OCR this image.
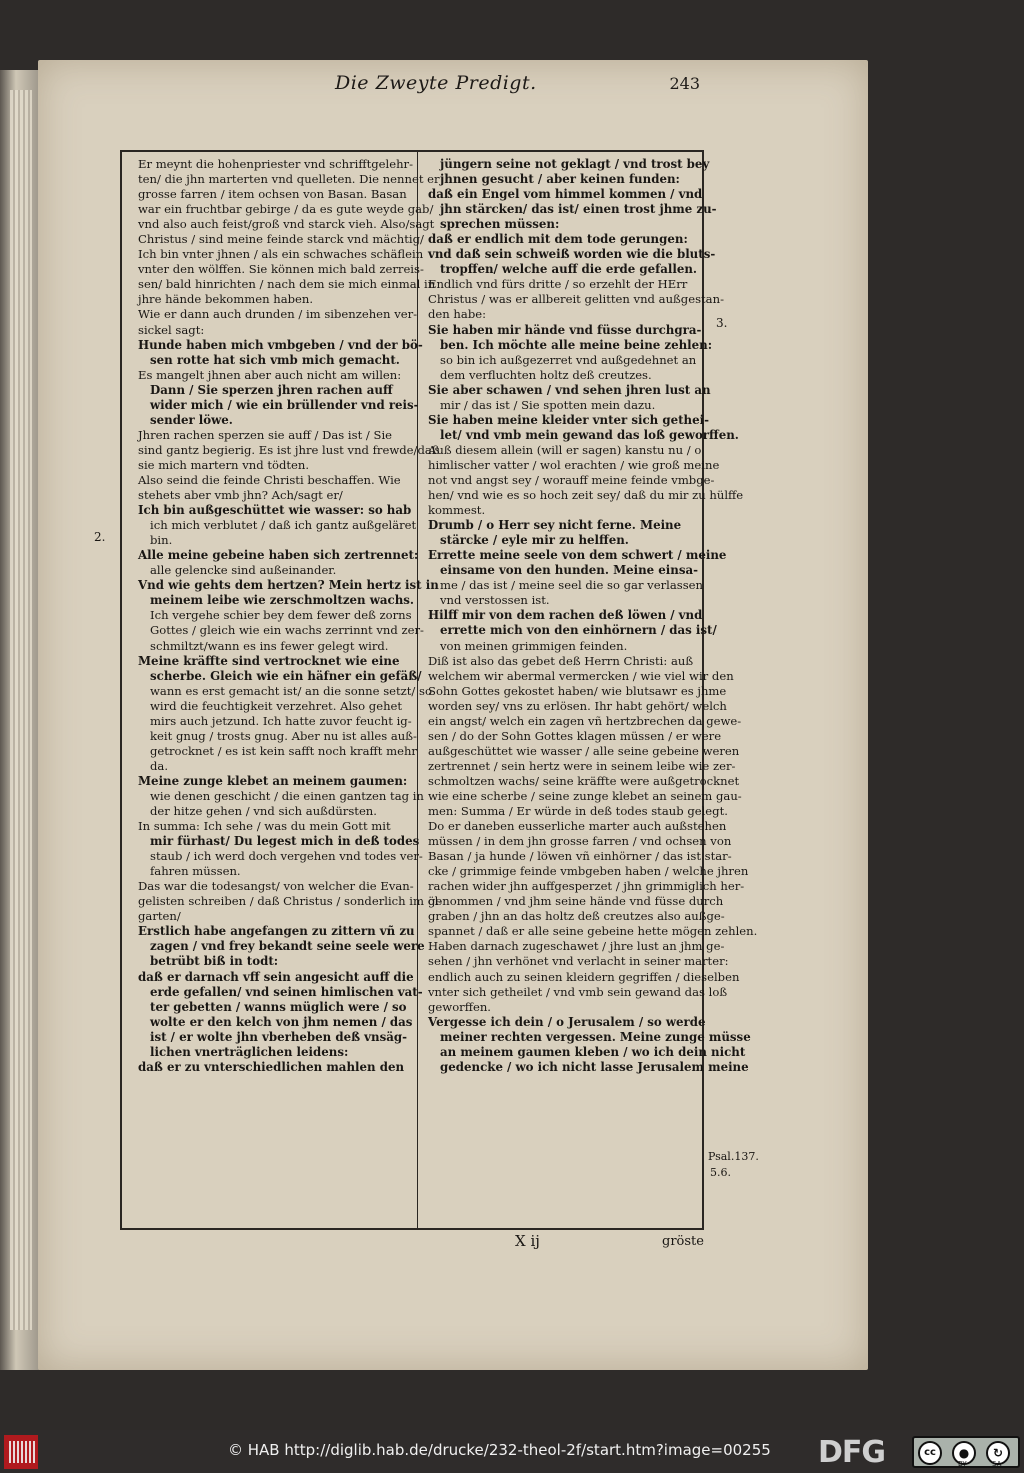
Die Zweyte Predigt.	243
Er meynt die hohenpriester vnd schrifftgelehr-
ten/ die jhn marterten vnd quelleten. Die nennet er
grosse farren / item ochsen von Basan. Basan
war ein fruchtbar gebirge / da es gute weyde gab/
vnd also auch feist/groß vnd starck vieh. Also/sagt
Christus / sind meine feinde starck vnd mächtig/
Ich bin vnter jhnen / als ein schwaches schäflein
vnter den wölffen. Sie können mich bald zerreis-
sen/ bald hinrichten / nach dem sie mich einmal in
jhre hände bekommen haben.
Wie er dann auch drunden / im sibenzehen ver-
sickel sagt:
Hunde haben mich vmbgeben / vnd der bö-
sen rotte hat sich vmb mich gemacht.
Es mangelt jhnen aber auch nicht am willen:
Dann / Sie sperzen jhren rachen auff
wider mich / wie ein brüllender vnd reis-
sender löwe.
Jhren rachen sperzen sie auff / Das ist / Sie
sind gantz begierig. Es ist jhre lust vnd frewde/daß
sie mich martern vnd tödten.
Also seind die feinde Christi beschaffen. Wie
stehets aber vmb jhn? Ach/sagt er/
Ich bin außgeschüttet wie wasser: so hab
ich mich verblutet / daß ich gantz außgeläret
bin.
Alle meine gebeine haben sich zertrennet:
alle gelencke sind außeinander.
Vnd wie gehts dem hertzen? Mein hertz ist in
meinem leibe wie zerschmoltzen wachs.
Ich vergehe schier bey dem fewer deß zorns
Gottes / gleich wie ein wachs zerrinnt vnd zer-
schmiltzt/wann es ins fewer gelegt wird.
Meine kräffte sind vertrocknet wie eine
scherbe. Gleich wie ein häfner ein gefäß/
wann es erst gemacht ist/ an die sonne setzt/ so
wird die feuchtigkeit verzehret. Also gehet
mirs auch jetzund. Ich hatte zuvor feucht ig-
keit gnug / trosts gnug. Aber nu ist alles auß-
getrocknet / es ist kein safft noch krafft mehr
da.
Meine zunge klebet an meinem gaumen:
wie denen geschicht / die einen gantzen tag in
der hitze gehen / vnd sich außdürsten.
In summa: Ich sehe / was du mein Gott mit
mir fürhast/ Du legest mich in deß todes
staub / ich werd doch vergehen vnd todes ver-
fahren müssen.
Das war die todesangst/ von welcher die Evan-
gelisten schreiben / daß Christus / sonderlich im öl-
garten/
Erstlich habe angefangen zu zittern vñ zu
zagen / vnd frey bekandt seine seele were
betrübt biß in todt:
daß er darnach vff sein angesicht auff die
erde gefallen/ vnd seinen himlischen vat-
ter gebetten / wanns müglich were / so
wolte er den kelch von jhm nemen / das
ist / er wolte jhn vberheben deß vnsäg-
lichen vnerträglichen leidens:
daß er zu vnterschiedlichen mahlen den
jüngern seine not geklagt / vnd trost bey
jhnen gesucht / aber keinen funden:
daß ein Engel vom himmel kommen / vnd
jhn stärcken/ das ist/ einen trost jhme zu-
sprechen müssen:
daß er endlich mit dem tode gerungen:
vnd daß sein schweiß worden wie die bluts-
tropffen/ welche auff die erde gefallen.
Endlich vnd fürs dritte / so erzehlt der HErr
Christus / was er allbereit gelitten vnd außgestan-
den habe:
Sie haben mir hände vnd füsse durchgra-
ben. Ich möchte alle meine beine zehlen:
so bin ich außgezerret vnd außgedehnet an
dem verfluchten holtz deß creutzes.
Sie aber schawen / vnd sehen jhren lust an
mir / das ist / Sie spotten mein dazu.
Sie haben meine kleider vnter sich gethei-
let/ vnd vmb mein gewand das loß geworffen.
Auß diesem allein (will er sagen) kanstu nu / o
himlischer vatter / wol erachten / wie groß meine
not vnd angst sey / worauff meine feinde vmbge-
hen/ vnd wie es so hoch zeit sey/ daß du mir zu hülffe
kommest.
Drumb / o Herr sey nicht ferne. Meine
stärcke / eyle mir zu helffen.
Errette meine seele von dem schwert / meine
einsame von den hunden. Meine einsa-
me / das ist / meine seel die so gar verlassen
vnd verstossen ist.
Hilff mir von dem rachen deß löwen / vnd
errette mich von den einhörnern / das ist/
von meinen grimmigen feinden.
Diß ist also das gebet deß Herrn Christi: auß
welchem wir abermal vermercken / wie viel wir den
Sohn Gottes gekostet haben/ wie blutsawr es jhme
worden sey/ vns zu erlösen. Ihr habt gehört/ welch
ein angst/ welch ein zagen vñ hertzbrechen da gewe-
sen / do der Sohn Gottes klagen müssen / er were
außgeschüttet wie wasser / alle seine gebeine weren
zertrennet / sein hertz were in seinem leibe wie zer-
schmoltzen wachs/ seine kräffte were außgetrocknet
wie eine scherbe / seine zunge klebet an seinem gau-
men: Summa / Er würde in deß todes staub gelegt.
Do er daneben eusserliche marter auch außstehen
müssen / in dem jhn grosse farren / vnd ochsen von
Basan / ja hunde / löwen vñ einhörner / das ist star-
cke / grimmige feinde vmbgeben haben / welche jhren
rachen wider jhn auffgesperzet / jhn grimmiglich her-
genommen / vnd jhm seine hände vnd füsse durch
graben / jhn an das holtz deß creutzes also außge-
spannet / daß er alle seine gebeine hette mögen zehlen.
Haben darnach zugeschawet / jhre lust an jhm ge-
sehen / jhn verhönet vnd verlacht in seiner marter:
endlich auch zu seinen kleidern gegriffen / dieselben
vnter sich getheilet / vnd vmb sein gewand das loß
geworffen.
Vergesse ich dein / o Jerusalem / so werde
meiner rechten vergessen. Meine zunge müsse
an meinem gaumen kleben / wo ich dein nicht
gedencke / wo ich nicht lasse Jerusalem meine
2.
3.
Psal.137.
5.6.
X ij	gröste
© HAB http://diglib.hab.de/drucke/232-theol-2f/start.htm?image=00255 DFG	cc	●	↻
BY	SA
